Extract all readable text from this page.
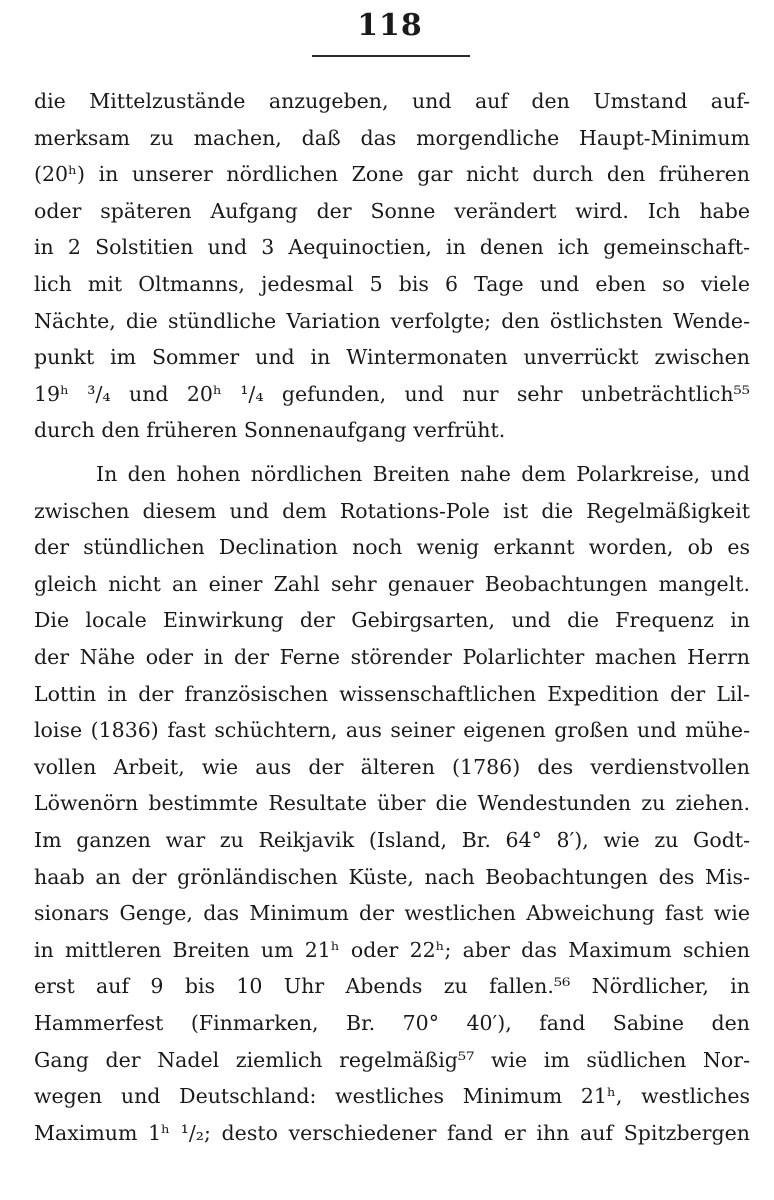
118
die Mittelzustände anzugeben, und auf den Umstand auf-
merksam zu machen, daß das morgendliche Haupt-Minimum
(20ʰ) in unserer nördlichen Zone gar nicht durch den früheren
oder späteren Aufgang der Sonne verändert wird. Ich habe
in 2 Solstitien und 3 Aequinoctien, in denen ich gemeinschaft-
lich mit Oltmanns, jedesmal 5 bis 6 Tage und eben so viele
Nächte, die stündliche Variation verfolgte; den östlichsten Wende-
punkt im Sommer und in Wintermonaten unverrückt zwischen
19ʰ ³/₄ und 20ʰ ¹/₄ gefunden, und nur sehr unbeträchtlich⁵⁵
durch den früheren Sonnenaufgang verfrüht.
In den hohen nördlichen Breiten nahe dem Polarkreise, und
zwischen diesem und dem Rotations-Pole ist die Regelmäßigkeit
der stündlichen Declination noch wenig erkannt worden, ob es
gleich nicht an einer Zahl sehr genauer Beobachtungen mangelt.
Die locale Einwirkung der Gebirgsarten, und die Frequenz in
der Nähe oder in der Ferne störender Polarlichter machen Herrn
Lottin in der französischen wissenschaftlichen Expedition der Lil-
loise (1836) fast schüchtern, aus seiner eigenen großen und mühe-
vollen Arbeit, wie aus der älteren (1786) des verdienstvollen
Löwenörn bestimmte Resultate über die Wendestunden zu ziehen.
Im ganzen war zu Reikjavik (Island, Br. 64° 8′), wie zu Godt-
haab an der grönländischen Küste, nach Beobachtungen des Mis-
sionars Genge, das Minimum der westlichen Abweichung fast wie
in mittleren Breiten um 21ʰ oder 22ʰ; aber das Maximum schien
erst auf 9 bis 10 Uhr Abends zu fallen.⁵⁶ Nördlicher, in
Hammerfest (Finmarken, Br. 70° 40′), fand Sabine den
Gang der Nadel ziemlich regelmäßig⁵⁷ wie im südlichen Nor-
wegen und Deutschland: westliches Minimum 21ʰ, westliches
Maximum 1ʰ ¹/₂; desto verschiedener fand er ihn auf Spitzbergen
